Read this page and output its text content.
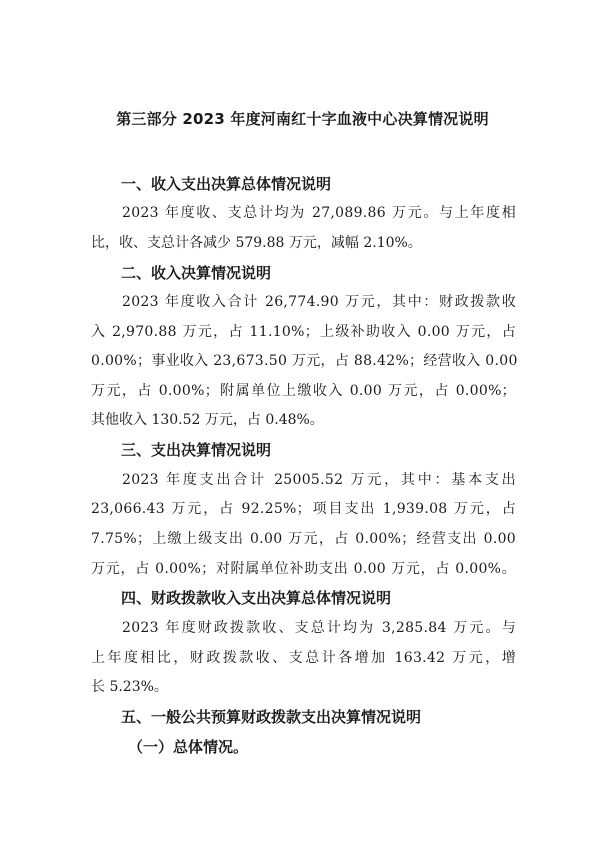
第三部分 2023 年度河南红十字血液中心决算情况说明
一、收入支出决算总体情况说明
2023 年度收、支总计均为 27,089.86 万元。与上年度相
比，收、支总计各减少 579.88 万元，减幅 2.10%。
二、收入决算情况说明
2023 年度收入合计 26,774.90 万元，其中：财政拨款收
入 2,970.88 万元，占 11.10%；上级补助收入 0.00 万元，占
0.00%；事业收入 23,673.50 万元，占 88.42%；经营收入 0.00
万元，占 0.00%；附属单位上缴收入 0.00 万元，占 0.00%；
其他收入 130.52 万元，占 0.48%。
三、支出决算情况说明
2023 年度支出合计 25005.52 万元，其中：基本支出
23,066.43 万元，占 92.25%；项目支出 1,939.08 万元，占
7.75%；上缴上级支出 0.00 万元，占 0.00%；经营支出 0.00
万元，占 0.00%；对附属单位补助支出 0.00 万元，占 0.00%。
四、财政拨款收入支出决算总体情况说明
2023 年度财政拨款收、支总计均为 3,285.84 万元。与
上年度相比，财政拨款收、支总计各增加 163.42 万元，增
长 5.23%。
五、一般公共预算财政拨款支出决算情况说明
（一）总体情况。
